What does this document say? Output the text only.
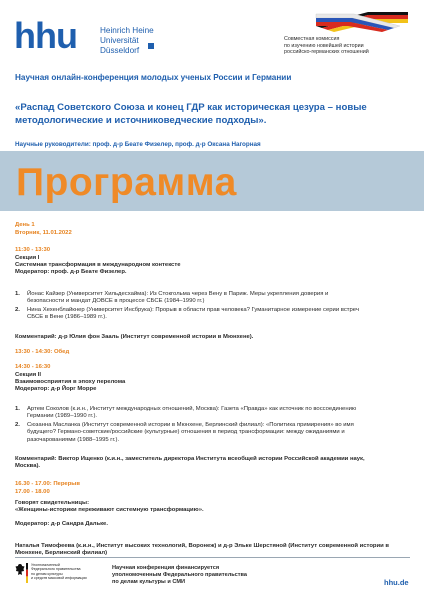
hhu	Heinrich Heine
Universität
Düsseldorf
Совместная комиссия
по изучению новейшей истории
российско-германских отношений
Научная онлайн-конференция молодых ученых России и Германии
«Распад Советского Союза и конец ГДР как историческая цезура – новые методологические и источниковедческие подходы».
Научные руководители: проф. д-р Беате Физелер, проф. д-р Оксана Нагорная
Программа
День 1
Вторник, 11.01.2022
11:30 - 13:30
Секция I
Системная трансформация в международном контексте
Модератор: проф. д-р Беате Физелер.
1. Йонас Кайзер (Университет Хильдесхайма): Из Стокгольма через Вену в Париж. Меры укрепления доверия и
безопасности и мандат ДОВСЕ в процессе СБСЕ (1984–1990 гг.)
2. Нина Хехенблайкнер (Университет Инсбрука): Прорыв в области прав человека? Гуманитарное измерение серии встреч
СБСЕ в Вене (1986–1989 гг.).
Комментарий: д-р Юлия фон Зааль (Институт современной истории в Мюнхене).
13:30 - 14:30: Обед
14:30 - 16:30
Секция II
Взаимовосприятия в эпоху перелома
Модератор: д-р Йорг Морре
1. Артем Соколов (к.и.н., Институт международных отношений, Москва): Газета «Правда» как источник по воссоединению
Германии (1989–1990 гг.).
2. Сюзанна Масланка (Институт современной истории в Мюнхене, Берлинский филиал): «Политика примирения» во имя
будущего? Германо-советские/российские (культурные) отношения в период трансформации: между ожиданиями и
разочарованиями (1988–1995 гг.).
Комментарий: Виктор Ищенко (к.и.н., заместитель директора Института всеобщей истории Российской академии наук,
Москва).
16.30 - 17.00: Перерыв
17.00 - 18.00
Говорят свидетельницы:
«Женщины-историки переживают системную трансформацию».
Модератор: д-р Сандра Дальке.
Наталья Тимофеева (к.и.н., Институт высоких технологий, Воронеж) и д-р Эльке Шерстяной (Институт современной истории в
Мюнхене, Берлинский филиал)
Уполномоченный
Федерального правительства
по делам культуры
и средств массовой информации
Научная конференция финансируется
уполномоченным Федерального правительства
по делам культуры и СМИ	hhu.de
